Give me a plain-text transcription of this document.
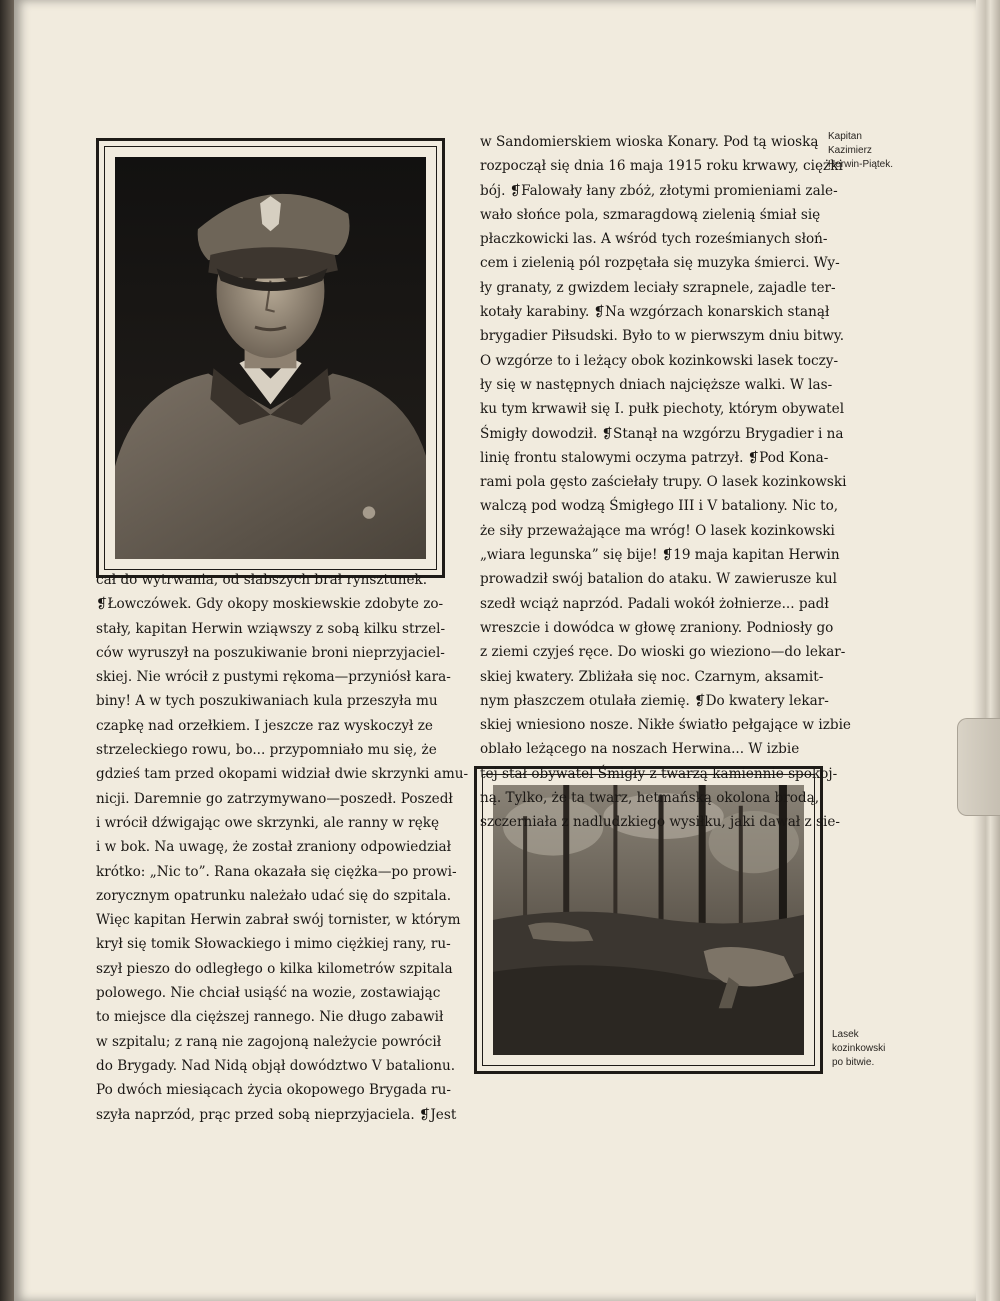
Kapitan
Kazimierz
Herwin-Piątek.
Lasek
kozinkowski
po bitwie.
cał do wytrwania, od słabszych brał rynsztunek.
❡Łowczówek. Gdy okopy moskiewskie zdobyte zo-
stały, kapitan Herwin wziąwszy z sobą kilku strzel-
ców wyruszył na poszukiwanie broni nieprzyjaciel-
skiej. Nie wrócił z pustymi rękoma—przyniósł kara-
biny! A w tych poszukiwaniach kula przeszyła mu
czapkę nad orzełkiem. I jeszcze raz wyskoczył ze
strzeleckiego rowu, bo... przypomniało mu się, że
gdzieś tam przed okopami widział dwie skrzynki amu-
nicji. Daremnie go zatrzymywano—poszedł. Poszedł
i wrócił dźwigając owe skrzynki, ale ranny w rękę
i w bok. Na uwagę, że został zraniony odpowiedział
krótko: „Nic to”. Rana okazała się ciężka—po prowi-
zorycznym opatrunku należało udać się do szpitala.
Więc kapitan Herwin zabrał swój tornister, w którym
krył się tomik Słowackiego i mimo ciężkiej rany, ru-
szył pieszo do odległego o kilka kilometrów szpitala
polowego. Nie chciał usiąść na wozie, zostawiając
to miejsce dla cięższej rannego. Nie długo zabawił
w szpitalu; z raną nie zagojoną należycie powrócił
do Brygady. Nad Nidą objął dowództwo V batalionu.
Po dwóch miesiącach życia okopowego Brygada ru-
szyła naprzód, prąc przed sobą nieprzyjaciela. ❡Jest
w Sandomierskiem wioska Konary. Pod tą wioską
rozpoczął się dnia 16 maja 1915 roku krwawy, ciężki
bój. ❡Falowały łany zbóż, złotymi promieniami zale-
wało słońce pola, szmaragdową zielenią śmiał się
płaczkowicki las. A wśród tych roześmianych słoń-
cem i zielenią pól rozpętała się muzyka śmierci. Wy-
ły granaty, z gwizdem leciały szrapnele, zajadle ter-
kotały karabiny. ❡Na wzgórzach konarskich stanął
brygadier Piłsudski. Było to w pierwszym dniu bitwy.
O wzgórze to i leżący obok kozinkowski lasek toczy-
ły się w następnych dniach najcięższe walki. W las-
ku tym krwawił się I. pułk piechoty, którym obywatel
Śmigły dowodził. ❡Stanął na wzgórzu Brygadier i na
linię frontu stalowymi oczyma patrzył. ❡Pod Kona-
rami pola gęsto zaściełały trupy. O lasek kozinkowski
walczą pod wodzą Śmigłego III i V bataliony. Nic to,
że siły przeważające ma wróg! O lasek kozinkowski
„wiara legunska” się bije! ❡19 maja kapitan Herwin
prowadził swój batalion do ataku. W zawierusze kul
szedł wciąż naprzód. Padali wokół żołnierze... padł
wreszcie i dowódca w głowę zraniony. Podniosły go
z ziemi czyjeś ręce. Do wioski go wieziono—do lekar-
skiej kwatery. Zbliżała się noc. Czarnym, aksamit-
nym płaszczem otulała ziemię. ❡Do kwatery lekar-
skiej wniesiono nosze. Nikłe światło pełgające w izbie
oblało leżącego na noszach Herwina... W izbie
tej stał obywatel Śmigły z twarzą kamiennie spokoj-
ną. Tylko, że ta twarz, hetmańską okolona brodą,
szczerniała z nadludzkiego wysiłku, jaki dawał z sie-
